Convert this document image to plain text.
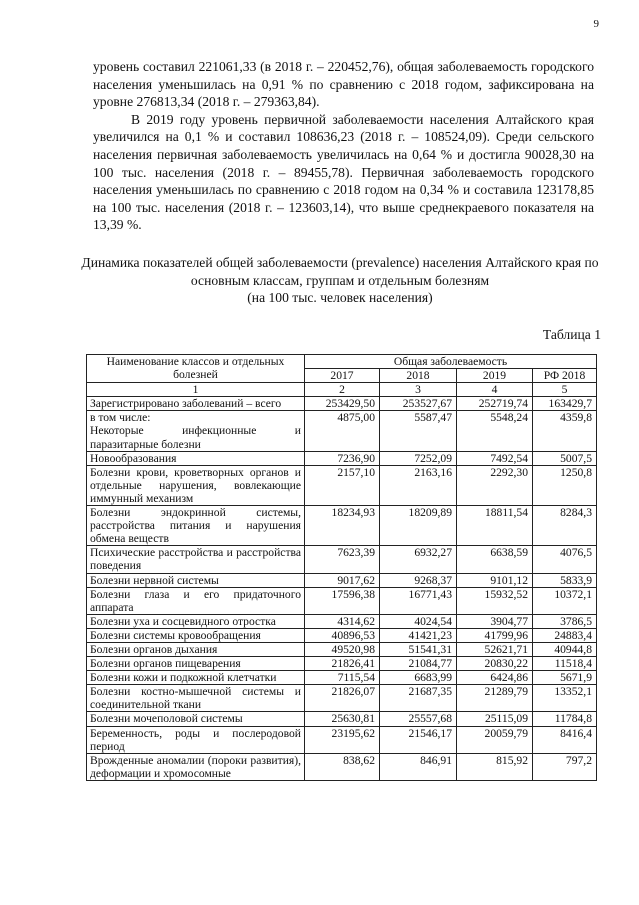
9

уровень составил 221061,33 (в 2018 г. – 220452,76), общая заболеваемость городского населения уменьшилась на 0,91 % по сравнению с 2018 годом, зафиксирована на уровне 276813,34 (2018 г. – 279363,84).

В 2019 году уровень первичной заболеваемости населения Алтайского края увеличился на 0,1 % и составил 108636,23 (2018 г. – 108524,09). Среди сельского населения первичная заболеваемость увеличилась на 0,64 % и достигла 90028,30 на 100 тыс. населения (2018 г. – 89455,78). Первичная заболеваемость городского населения уменьшилась по сравнению с 2018 годом на 0,34 % и составила 123178,85 на 100 тыс. населения (2018 г. – 123603,14), что выше среднекраевого показателя на 13,39 %.

Динамика показателей общей заболеваемости (prevalence) населения Алтайского края по основным классам, группам и отдельным болезням
(на 100 тыс. человек населения)
Таблица 1
Наименование классов и отдельных болезней	Общая заболеваемость			
	2017	2018	2019	РФ 2018
1	2	3	4	5
Зарегистрировано заболеваний – всего	253429,50	253527,67	252719,74	163429,7
в том числе:
Некоторые инфекционные и паразитарные болезни	4875,00	5587,47	5548,24	4359,8
Новообразования	7236,90	7252,09	7492,54	5007,5
Болезни крови, кроветворных органов и отдельные нарушения, вовлекающие иммунный механизм	2157,10	2163,16	2292,30	1250,8
Болезни эндокринной системы, расстройства питания и нарушения обмена веществ	18234,93	18209,89	18811,54	8284,3
Психические расстройства и расстройства поведения	7623,39	6932,27	6638,59	4076,5
Болезни нервной системы	9017,62	9268,37	9101,12	5833,9
Болезни глаза и его придаточного аппарата	17596,38	16771,43	15932,52	10372,1
Болезни уха и сосцевидного отростка	4314,62	4024,54	3904,77	3786,5
Болезни системы кровообращения	40896,53	41421,23	41799,96	24883,4
Болезни органов дыхания	49520,98	51541,31	52621,71	40944,8
Болезни органов пищеварения	21826,41	21084,77	20830,22	11518,4
Болезни кожи и подкожной клетчатки	7115,54	6683,99	6424,86	5671,9
Болезни костно-мышечной системы и соединительной ткани	21826,07	21687,35	21289,79	13352,1
Болезни мочеполовой системы	25630,81	25557,68	25115,09	11784,8
Беременность, роды и послеродовой период	23195,62	21546,17	20059,79	8416,4
Врожденные аномалии (пороки развития), деформации и хромосомные	838,62	846,91	815,92	797,2
